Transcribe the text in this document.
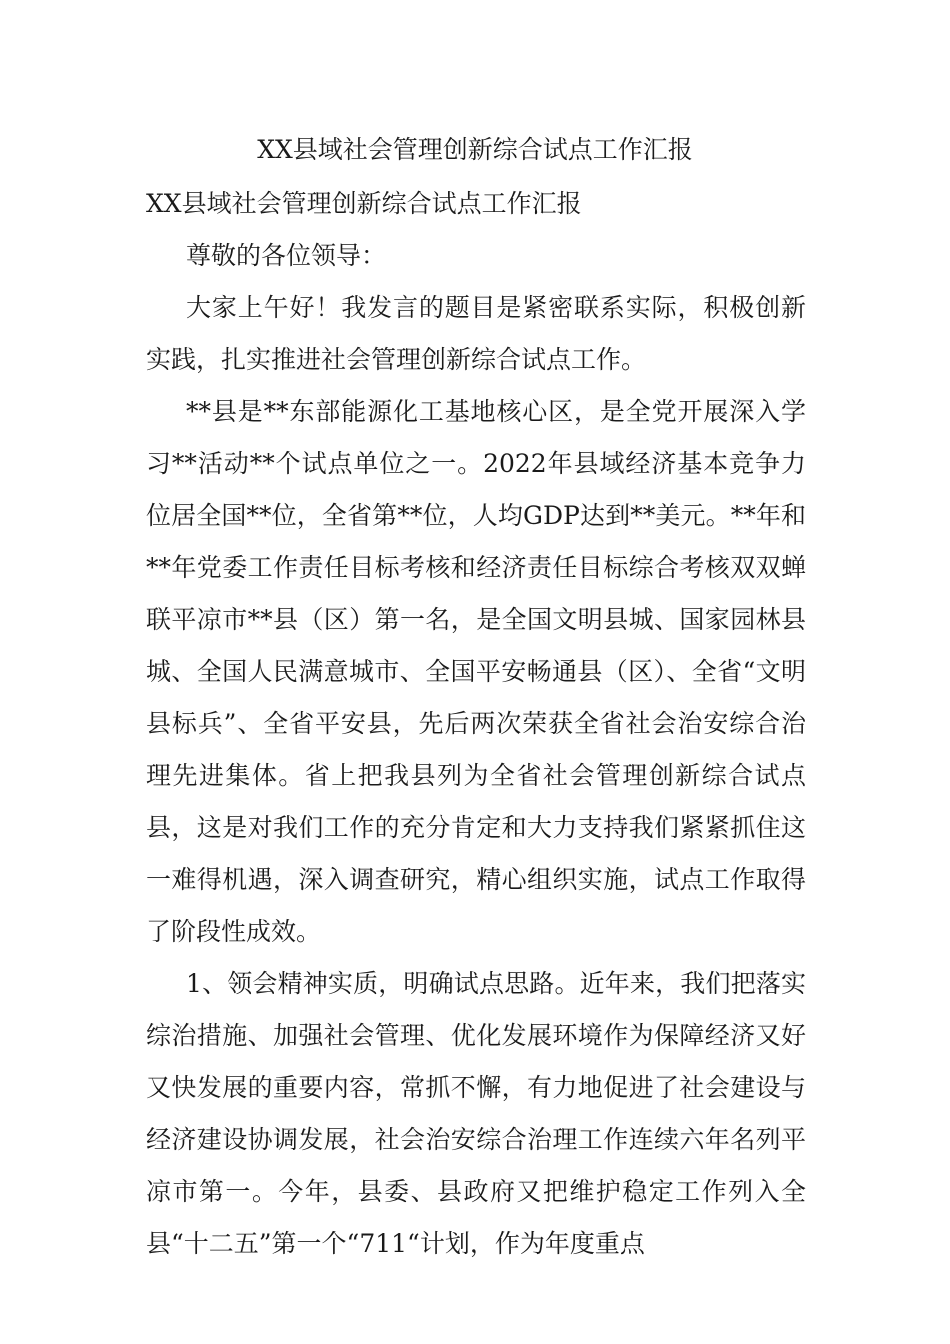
XX县域社会管理创新综合试点工作汇报

XX县域社会管理创新综合试点工作汇报

尊敬的各位领导：

大家上午好！我发言的题目是紧密联系实际，积极创新实践，扎实推进社会管理创新综合试点工作。

**县是**东部能源化工基地核心区，是全党开展深入学习**活动**个试点单位之一。2022年县域经济基本竞争力位居全国**位，全省第**位，人均GDP达到**美元。**年和**年党委工作责任目标考核和经济责任目标综合考核双双蝉联平凉市**县（区）第一名，是全国文明县城、国家园林县城、全国人民满意城市、全国平安畅通县（区）、全省“文明县标兵”、全省平安县，先后两次荣获全省社会治安综合治理先进集体。省上把我县列为全省社会管理创新综合试点县，这是对我们工作的充分肯定和大力支持我们紧紧抓住这一难得机遇，深入调查研究，精心组织实施，试点工作取得了阶段性成效。

1、领会精神实质，明确试点思路。近年来，我们把落实综治措施、加强社会管理、优化发展环境作为保障经济又好又快发展的重要内容，常抓不懈，有力地促进了社会建设与经济建设协调发展，社会治安综合治理工作连续六年名列平凉市第一。今年，县委、县政府又把维护稳定工作列入全县“十二五”第一个“711“计划，作为年度重点
